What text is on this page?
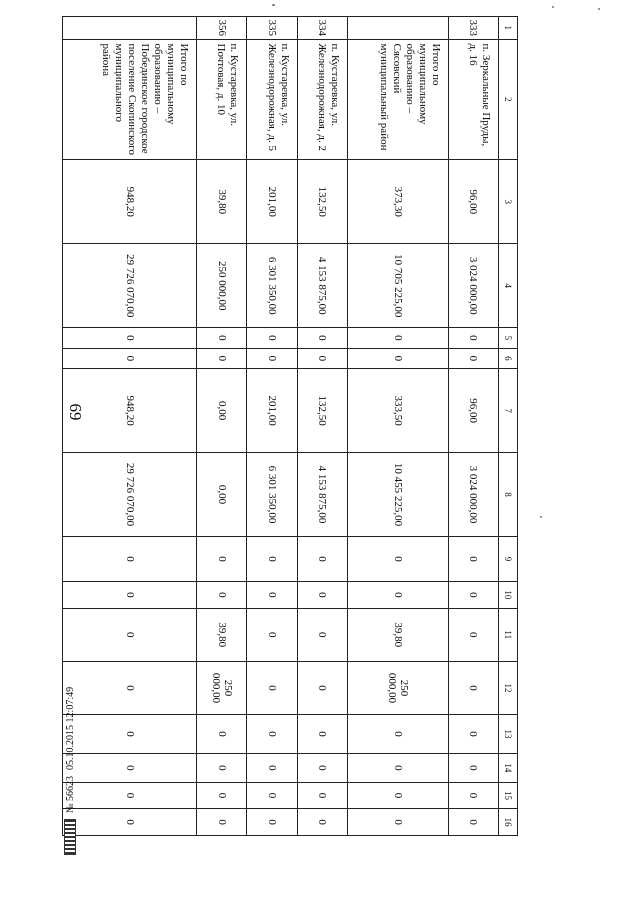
69
1	2	3	4	5	6	7	8	9	10	11	12	13	14	15	16
333	п. Зеркальные Пруды, д. 16	96,00	3 024 000,00	0	0	96,00	3 024 000,00	0	0	0	0	0	0	0	0
	Итого по муниципальному образованию – Сясовский муниципальный район	373,30	10 705 225,00	0	0	333,50	10 455 225,00	0	0	39,80	250 000,00	0	0	0	0
334	п. Кустаревка, ул. Железнодорожная, д. 2	132,50	4 153 875,00	0	0	132,50	4 153 875,00	0	0	0	0	0	0	0	0
335	п. Кустаревка, ул. Железнодорожная, д. 5	201,00	6 301 350,00	0	0	201,00	6 301 350,00	0	0	0	0	0	0	0	0
356	п. Кустаревка, ул. Почтовая, д. 10	39,80	250 000,00	0	0	0,00	0,00	0	0	39,80	250 000,00	0	0	0	0
	Итого по муниципальному образованию – Побединское городское поселение Скопинского муниципального района	948,20	29 726 070,00	0	0	948,20	29 726 070,00	0	0	0	0	0	0	0	0
№ 56623
05.10.2015 12:07:49
